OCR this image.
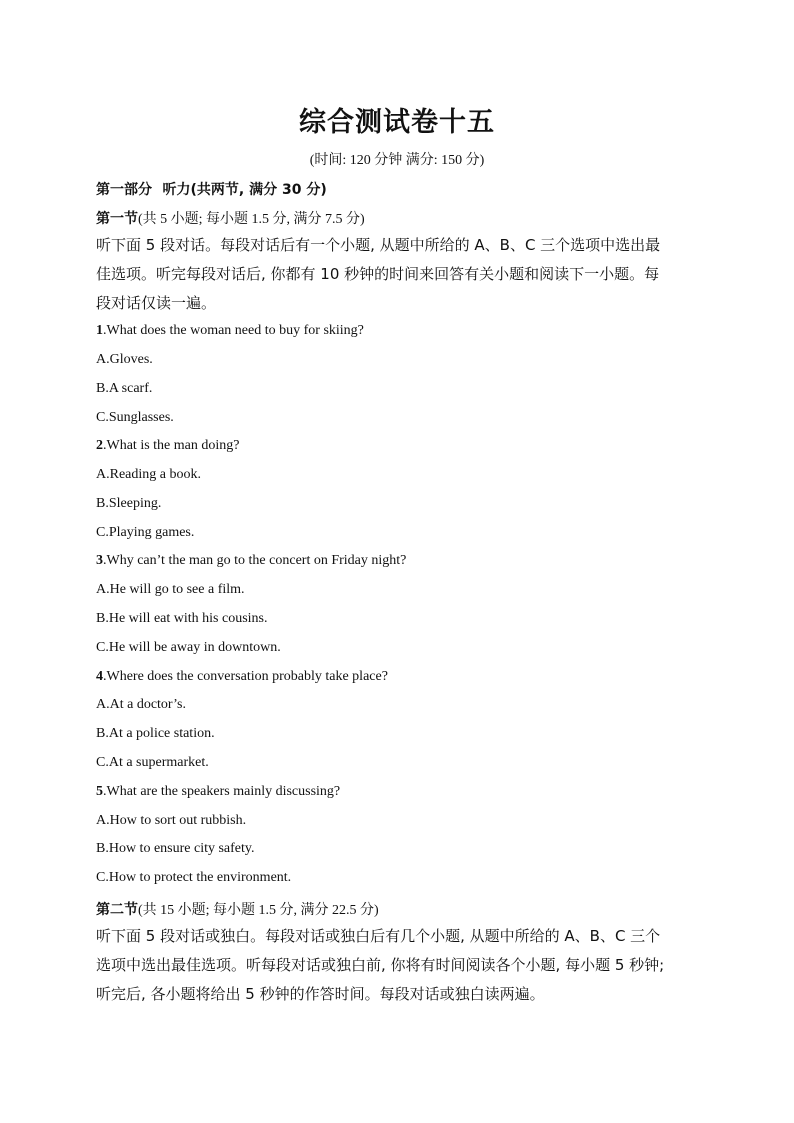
综合测试卷十五
(时间: 120 分钟 满分: 150 分)
第一部分 听力(共两节, 满分 30 分)
第一节(共 5 小题; 每小题 1.5 分, 满分 7.5 分)
听下面 5 段对话。每段对话后有一个小题, 从题中所给的 A、B、C 三个选项中选出最
佳选项。听完每段对话后, 你都有 10 秒钟的时间来回答有关小题和阅读下一小题。每
段对话仅读一遍。
1.What does the woman need to buy for skiing?
A.Gloves.
B.A scarf.
C.Sunglasses.
2.What is the man doing?
A.Reading a book.
B.Sleeping.
C.Playing games.
3.Why can’t the man go to the concert on Friday night?
A.He will go to see a film.
B.He will eat with his cousins.
C.He will be away in downtown.
4.Where does the conversation probably take place?
A.At a doctor’s.
B.At a police station.
C.At a supermarket.
5.What are the speakers mainly discussing?
A.How to sort out rubbish.
B.How to ensure city safety.
C.How to protect the environment.
第二节(共 15 小题; 每小题 1.5 分, 满分 22.5 分)
听下面 5 段对话或独白。每段对话或独白后有几个小题, 从题中所给的 A、B、C 三个
选项中选出最佳选项。听每段对话或独白前, 你将有时间阅读各个小题, 每小题 5 秒钟;
听完后, 各小题将给出 5 秒钟的作答时间。每段对话或独白读两遍。
